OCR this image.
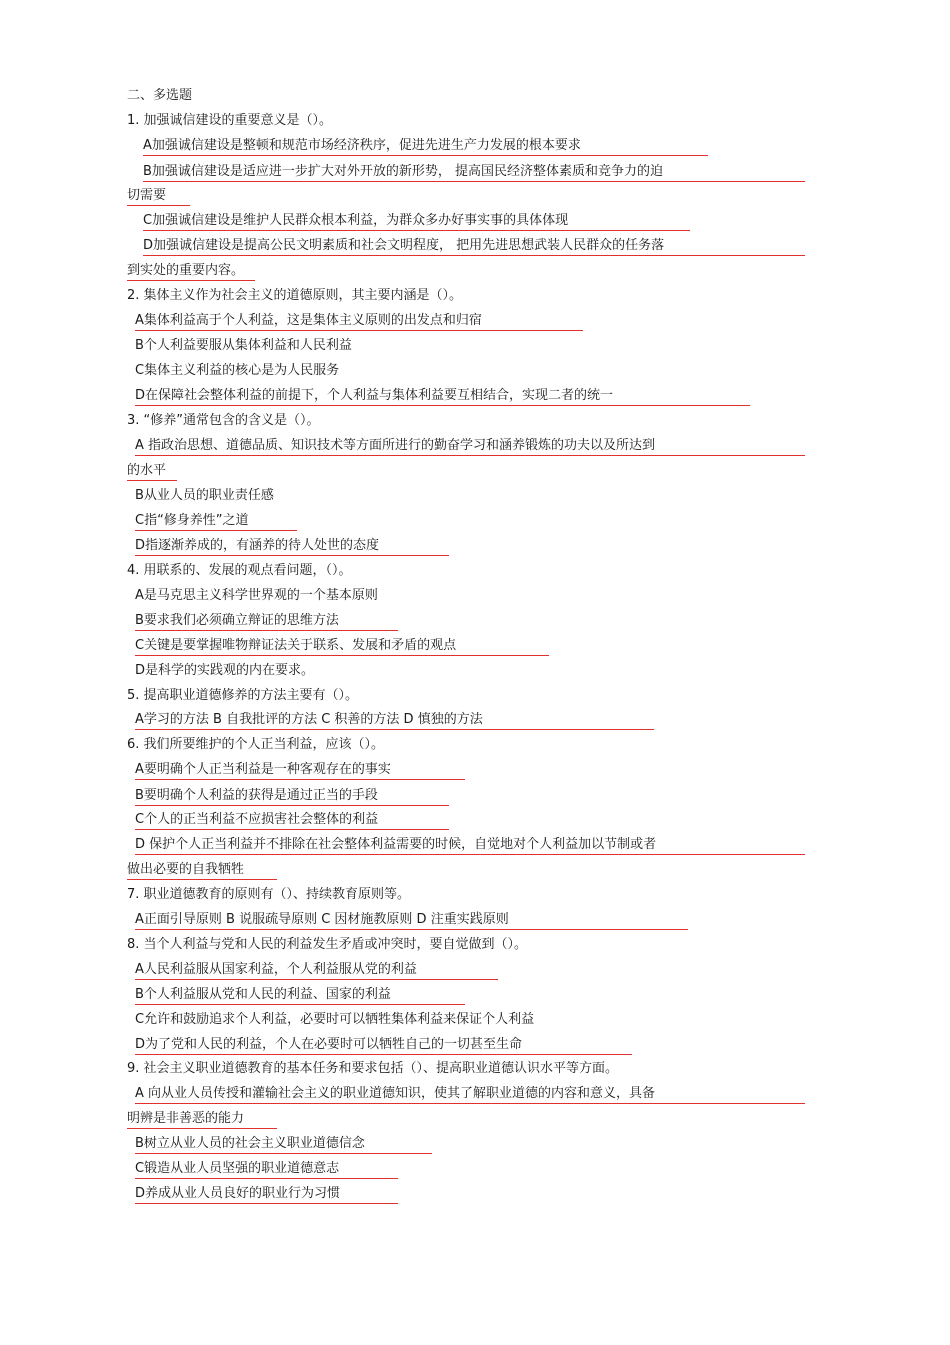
二、多选题
1. 加强诚信建设的重要意义是（）。
A加强诚信建设是整顿和规范市场经济秩序，促进先进生产力发展的根本要求
B加强诚信建设是适应进一步扩大对外开放的新形势， 提高国民经济整体素质和竞争力的迫
切需要
C加强诚信建设是维护人民群众根本利益，为群众多办好事实事的具体体现
D加强诚信建设是提高公民文明素质和社会文明程度， 把用先进思想武装人民群众的任务落
到实处的重要内容。
2. 集体主义作为社会主义的道德原则，其主要内涵是（）。
A集体利益高于个人利益，这是集体主义原则的出发点和归宿
B个人利益要服从集体利益和人民利益
C集体主义利益的核心是为人民服务
D在保障社会整体利益的前提下，个人利益与集体利益要互相结合，实现二者的统一
3. “修养”通常包含的含义是（）。
A 指政治思想、道德品质、知识技术等方面所进行的勤奋学习和涵养锻炼的功夫以及所达到
的水平
B从业人员的职业责任感
C指“修身养性”之道
D指逐渐养成的，有涵养的待人处世的态度
4. 用联系的、发展的观点看问题，（）。
A是马克思主义科学世界观的一个基本原则
B要求我们必须确立辩证的思维方法
C关键是要掌握唯物辩证法关于联系、发展和矛盾的观点
D是科学的实践观的内在要求。
5. 提高职业道德修养的方法主要有（）。
A学习的方法 B 自我批评的方法 C 积善的方法 D 慎独的方法
6. 我们所要维护的个人正当利益，应该（）。
A要明确个人正当利益是一种客观存在的事实
B要明确个人利益的获得是通过正当的手段
C个人的正当利益不应损害社会整体的利益
D 保护个人正当利益并不排除在社会整体利益需要的时候，自觉地对个人利益加以节制或者
做出必要的自我牺牲
7. 职业道德教育的原则有（）、持续教育原则等。
A正面引导原则 B 说服疏导原则 C 因材施教原则 D 注重实践原则
8. 当个人利益与党和人民的利益发生矛盾或冲突时，要自觉做到（）。
A人民利益服从国家利益，个人利益服从党的利益
B个人利益服从党和人民的利益、国家的利益
C允许和鼓励追求个人利益，必要时可以牺牲集体利益来保证个人利益
D为了党和人民的利益，个人在必要时可以牺牲自己的一切甚至生命
9. 社会主义职业道德教育的基本任务和要求包括（）、提高职业道德认识水平等方面。
A 向从业人员传授和灌输社会主义的职业道德知识，使其了解职业道德的内容和意义，具备
明辨是非善恶的能力
B树立从业人员的社会主义职业道德信念
C锻造从业人员坚强的职业道德意志
D养成从业人员良好的职业行为习惯
